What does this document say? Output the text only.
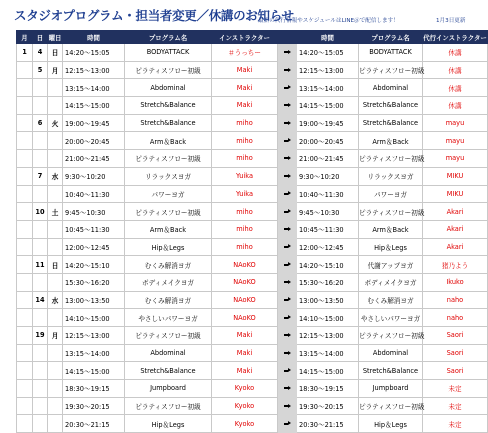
スタジオプログラム・担当者変更／休講のお知らせ
最新の代行情報やスケジュールはLINE＠で配信します！	1月3日更新
月	日	曜日	時間	プログラム名	インストラクター		時間	プログラム名	代行インストラクター
1	4	日	14:20〜15:05	BODYATTACK	＃うっちー		14:20〜15:05	BODYATTACK	休講
	5	月	12:15〜13:00	ピラティスフロー初級	Maki		12:15〜13:00	ピラティスフロー初級	休講
			13:15〜14:00	Abdominal	Maki		13:15〜14:00	Abdominal	休講
			14:15〜15:00	Stretch&Balance	Maki		14:15〜15:00	Stretch&Balance	休講
	6	火	19:00〜19:45	Stretch&Balance	miho		19:00〜19:45	Stretch&Balance	mayu
			20:00〜20:45	Arm＆Back	miho		20:00〜20:45	Arm＆Back	mayu
			21:00〜21:45	ピラティスフロー初級	miho		21:00〜21:45	ピラティスフロー初級	mayu
	7	水	9:30〜10:20	リラックスヨガ	Yuika		9:30〜10:20	リラックスヨガ	MIKU
			10:40〜11:30	パワーヨガ	Yuika		10:40〜11:30	パワーヨガ	MIKU
	10	土	9:45〜10:30	ピラティスフロー初級	miho		9:45〜10:30	ピラティスフロー初級	Akari
			10:45〜11:30	Arm＆Back	miho		10:45〜11:30	Arm＆Back	Akari
			12:00〜12:45	Hip＆Legs	miho		12:00〜12:45	Hip＆Legs	Akari
	11	日	14:20〜15:10	むくみ解消ヨガ	NAoKO		14:20〜15:10	代謝アップヨガ	猪乃よう
			15:30〜16:20	ボディメイクヨガ	NAoKO		15:30〜16:20	ボディメイクヨガ	Ikuko
	14	水	13:00〜13:50	むくみ解消ヨガ	NAoKO		13:00〜13:50	むくみ解消ヨガ	naho
			14:10〜15:00	やさしいパワーヨガ	NAoKO		14:10〜15:00	やさしいパワーヨガ	naho
	19	月	12:15〜13:00	ピラティスフロー初級	Maki		12:15〜13:00	ピラティスフロー初級	Saori
			13:15〜14:00	Abdominal	Maki		13:15〜14:00	Abdominal	Saori
			14:15〜15:00	Stretch&Balance	Maki		14:15〜15:00	Stretch&Balance	Saori
			18:30〜19:15	Jumpboard	Kyoko		18:30〜19:15	Jumpboard	未定
			19:30〜20:15	ピラティスフロー初級	Kyoko		19:30〜20:15	ピラティスフロー初級	未定
			20:30〜21:15	Hip＆Legs	Kyoko		20:30〜21:15	Hip＆Legs	未定
